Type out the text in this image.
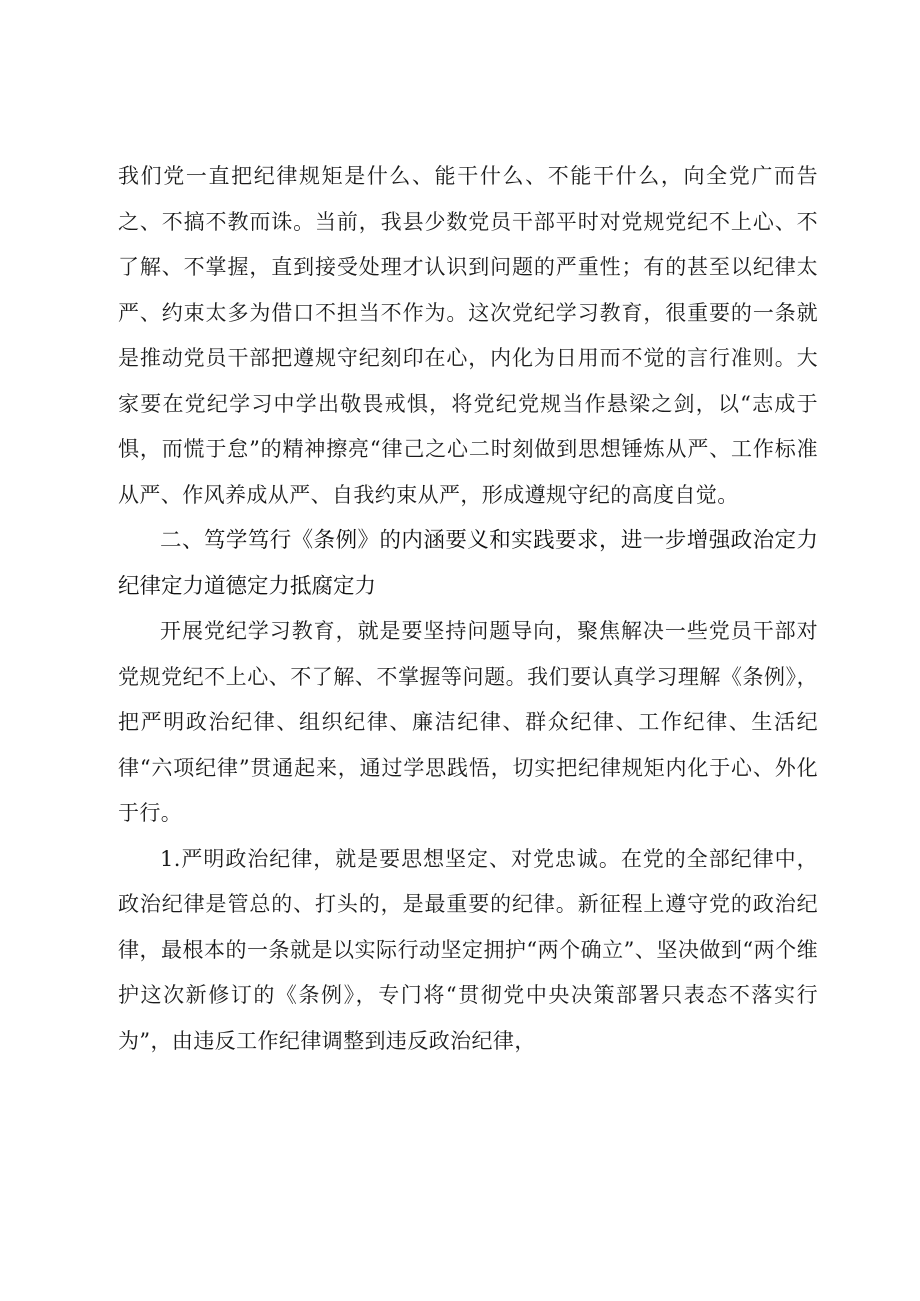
我们党一直把纪律规矩是什么、能干什么、不能干什么，向全党广而告之、不搞不教而诛。当前，我县少数党员干部平时对党规党纪不上心、不了解、不掌握，直到接受处理才认识到问题的严重性；有的甚至以纪律太严、约束太多为借口不担当不作为。这次党纪学习教育，很重要的一条就是推动党员干部把遵规守纪刻印在心，内化为日用而不觉的言行准则。大家要在党纪学习中学出敬畏戒惧，将党纪党规当作悬梁之剑，以“志成于惧，而慌于怠”的精神擦亮“律己之心二时刻做到思想锤炼从严、工作标准从严、作风养成从严、自我约束从严，形成遵规守纪的高度自觉。

二、笃学笃行《条例》的内涵要义和实践要求，进一步增强政治定力纪律定力道德定力抵腐定力

开展党纪学习教育，就是要坚持问题导向，聚焦解决一些党员干部对党规党纪不上心、不了解、不掌握等问题。我们要认真学习理解《条例》，把严明政治纪律、组织纪律、廉洁纪律、群众纪律、工作纪律、生活纪律“六项纪律”贯通起来，通过学思践悟，切实把纪律规矩内化于心、外化于行。

1.严明政治纪律，就是要思想坚定、对党忠诚。在党的全部纪律中，政治纪律是管总的、打头的，是最重要的纪律。新征程上遵守党的政治纪律，最根本的一条就是以实际行动坚定拥护“两个确立”、坚决做到“两个维护这次新修订的《条例》，专门将“贯彻党中央决策部署只表态不落实行为”，由违反工作纪律调整到违反政治纪律，
